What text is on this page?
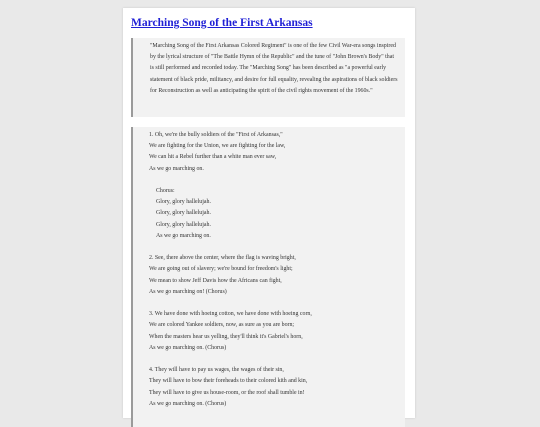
Marching Song of the First Arkansas
"Marching Song of the First Arkansas Colored Regiment" is one of the few Civil War-era songs inspired by the lyrical structure of "The Battle Hymn of the Republic" and the tune of "John Brown's Body" that is still performed and recorded today. The "Marching Song" has been described as "a powerful early statement of black pride, militancy, and desire for full equality, revealing the aspirations of black soldiers for Reconstruction as well as anticipating the spirit of the civil rights movement of the 1960s."
1. Oh, we're the bully soldiers of the "First of Arkansas,"
We are fighting for the Union, we are fighting for the law,
We can hit a Rebel further than a white man ever saw,
As we go marching on.
Chorus:
Glory, glory hallelujah.
Glory, glory hallelujah.
Glory, glory hallelujah.
As we go marching on.
2. See, there above the center, where the flag is waving bright,
We are going out of slavery; we're bound for freedom's light;
We mean to show Jeff Davis how the Africans can fight,
As we go marching on! (Chorus)
3. We have done with hoeing cotton, we have done with hoeing corn,
We are colored Yankee soldiers, now, as sure as you are born;
When the masters hear us yelling, they'll think it's Gabriel's horn,
As we go marching on. (Chorus)
4. They will have to pay us wages, the wages of their sin,
They will have to bow their foreheads to their colored kith and kin,
They will have to give us house-room, or the roof shall tumble in!
As we go marching on. (Chorus)
